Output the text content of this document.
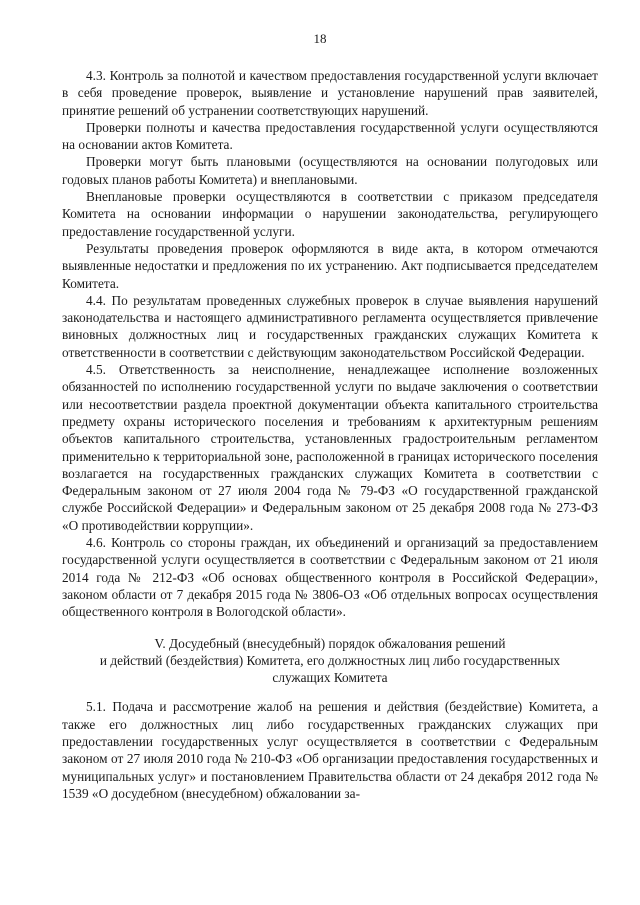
18

4.3. Контроль за полнотой и качеством предоставления государственной услуги включает в себя проведение проверок, выявление и установление нарушений прав заявителей, принятие решений об устранении соответствующих нарушений.

Проверки полноты и качества предоставления государственной услуги осуществляются на основании актов Комитета.

Проверки могут быть плановыми (осуществляются на основании полугодовых или годовых планов работы Комитета) и внеплановыми.

Внеплановые проверки осуществляются в соответствии с приказом председателя Комитета на основании информации о нарушении законодательства, регулирующего предоставление государственной услуги.

Результаты проведения проверок оформляются в виде акта, в котором отмечаются выявленные недостатки и предложения по их устранению. Акт подписывается председателем Комитета.

4.4. По результатам проведенных служебных проверок в случае выявления нарушений законодательства и настоящего административного регламента осуществляется привлечение виновных должностных лиц и государственных гражданских служащих Комитета к ответственности в соответствии с действующим законодательством Российской Федерации.

4.5. Ответственность за неисполнение, ненадлежащее исполнение возложенных обязанностей по исполнению государственной услуги по выдаче заключения о соответствии или несоответствии раздела проектной документации объекта капитального строительства предмету охраны исторического поселения и требованиям к архитектурным решениям объектов капитального строительства, установленных градостроительным регламентом применительно к территориальной зоне, расположенной в границах исторического поселения возлагается на государственных гражданских служащих Комитета в соответствии с Федеральным законом от 27 июля 2004 года № 79-ФЗ «О государственной гражданской службе Российской Федерации» и Федеральным законом от 25 декабря 2008 года № 273-ФЗ «О противодействии коррупции».

4.6. Контроль со стороны граждан, их объединений и организаций за предоставлением государственной услуги осуществляется в соответствии с Федеральным законом от 21 июля 2014 года № 212-ФЗ «Об основах общественного контроля в Российской Федерации», законом области от 7 декабря 2015 года № 3806-ОЗ «Об отдельных вопросах осуществления общественного контроля в Вологодской области».

V. Досудебный (внесудебный) порядок обжалования решений
и действий (бездействия) Комитета, его должностных лиц либо государственных
служащих Комитета

5.1. Подача и рассмотрение жалоб на решения и действия (бездействие) Комитета, а также его должностных лиц либо государственных гражданских служащих при предоставлении государственных услуг осуществляется в соответствии с Федеральным законом от 27 июля 2010 года № 210-ФЗ «Об организации предоставления государственных и муниципальных услуг» и постановлением Правительства области от 24 декабря 2012 года № 1539 «О досудебном (внесудебном) обжаловании за-
